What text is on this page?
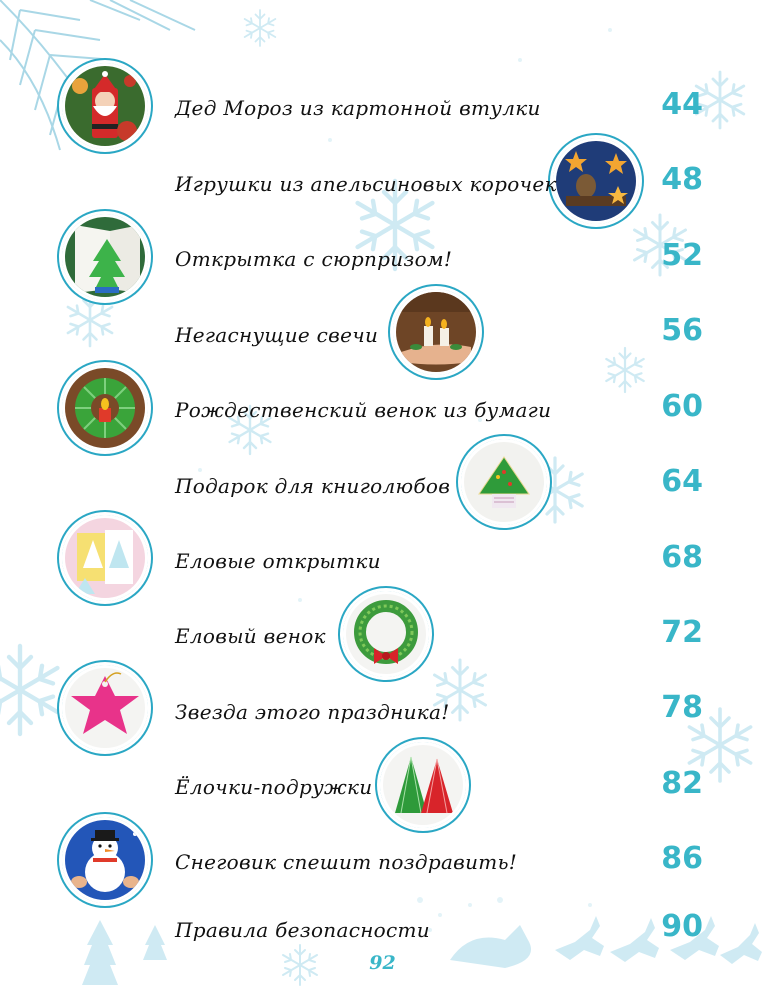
Дед Мороз из картонной втулки	44
Игрушки из апельсиновых корочек	48
Открытка с сюрпризом!	52
Негаснущие свечи	56
Рождественский венок из бумаги	60
Подарок для книголюбов	64
Еловые открытки	68
Еловый венок	72
Звезда этого праздника!	78
Ёлочки-подружки	82
Снеговик спешит поздравить!	86
Правила безопасности	90
92
